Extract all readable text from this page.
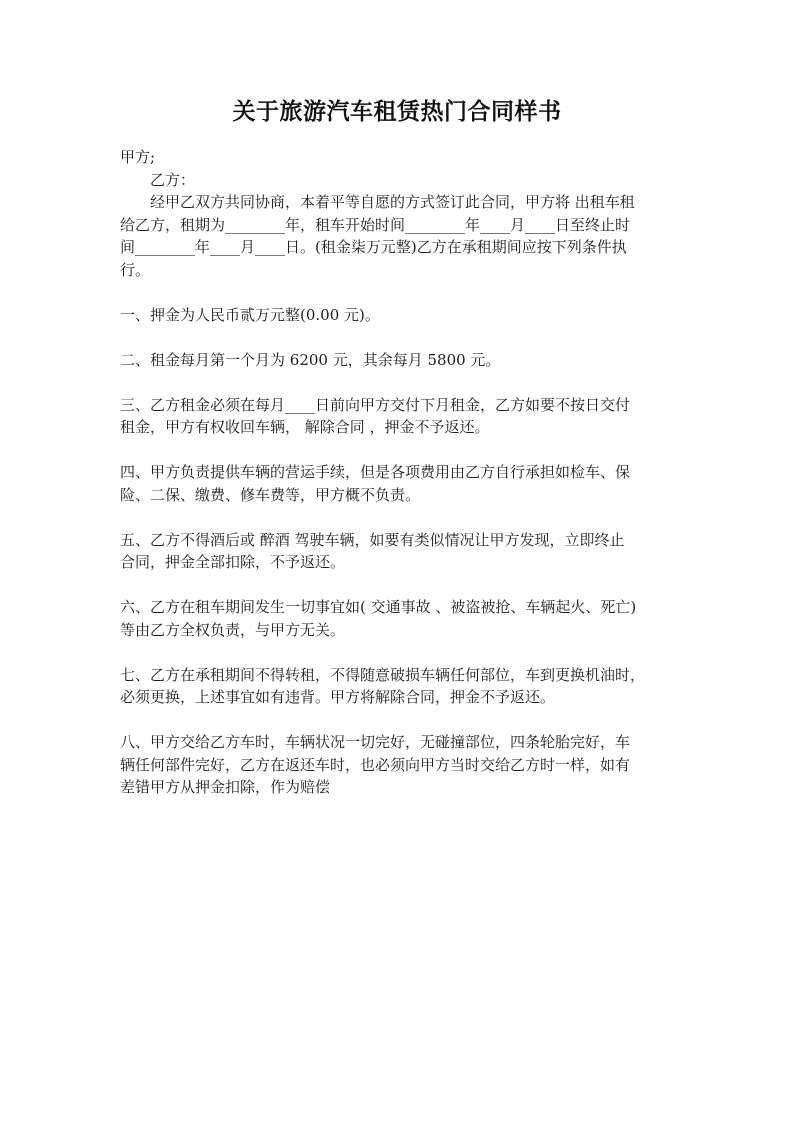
关于旅游汽车租赁热门合同样书
甲方;
乙方：
经甲乙双方共同协商，本着平等自愿的方式签订此合同，甲方将 出租车租
给乙方，租期为________年，租车开始时间________年____月____日至终止时
间________年____月____日。(租金柒万元整)乙方在承租期间应按下列条件执
行。
一、押金为人民币贰万元整(0.00 元)。
二、租金每月第一个月为 6200 元，其余每月 5800 元。
三、乙方租金必须在每月____日前向甲方交付下月租金，乙方如要不按日交付
租金，甲方有权收回车辆， 解除合同 ，押金不予返还。
四、甲方负责提供车辆的营运手续，但是各项费用由乙方自行承担如检车、保
险、二保、缴费、修车费等，甲方概不负责。
五、乙方不得酒后或 醉酒 驾驶车辆，如要有类似情况让甲方发现，立即终止
合同，押金全部扣除，不予返还。
六、乙方在租车期间发生一切事宜如( 交通事故 、被盗被抢、车辆起火、死亡)
等由乙方全权负责，与甲方无关。
七、乙方在承租期间不得转租，不得随意破损车辆任何部位，车到更换机油时，
必须更换，上述事宜如有违背。甲方将解除合同，押金不予返还。
八、甲方交给乙方车时，车辆状况一切完好，无碰撞部位，四条轮胎完好，车
辆任何部件完好，乙方在返还车时，也必须向甲方当时交给乙方时一样，如有
差错甲方从押金扣除，作为赔偿
